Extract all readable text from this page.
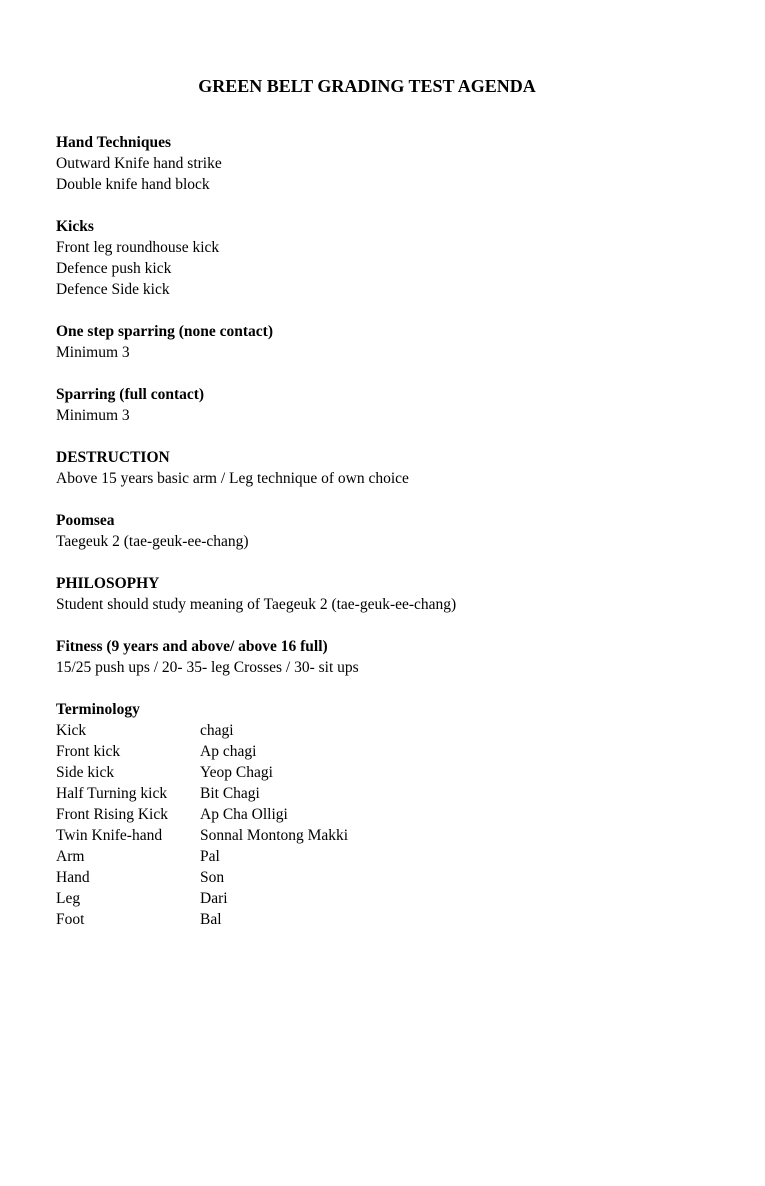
GREEN BELT GRADING TEST AGENDA
Hand Techniques
Outward Knife hand strike
Double knife hand block
Kicks
Front leg roundhouse kick
Defence push kick
Defence Side kick
One step sparring (none contact)
Minimum 3
Sparring (full contact)
Minimum 3
DESTRUCTION
Above 15 years basic arm / Leg technique of own choice
Poomsea
Taegeuk 2 (tae-geuk-ee-chang)
PHILOSOPHY
Student should study meaning of Taegeuk 2 (tae-geuk-ee-chang)
Fitness (9 years and above/ above 16 full)
15/25 push ups / 20- 35- leg Crosses / 30- sit ups
Terminology
Kick	chagi
Front kick	Ap chagi
Side kick	Yeop Chagi
Half Turning kick	Bit Chagi
Front Rising Kick	Ap Cha Olligi
Twin Knife-hand	Sonnal Montong Makki
Arm	Pal
Hand	Son
Leg	Dari
Foot	Bal
